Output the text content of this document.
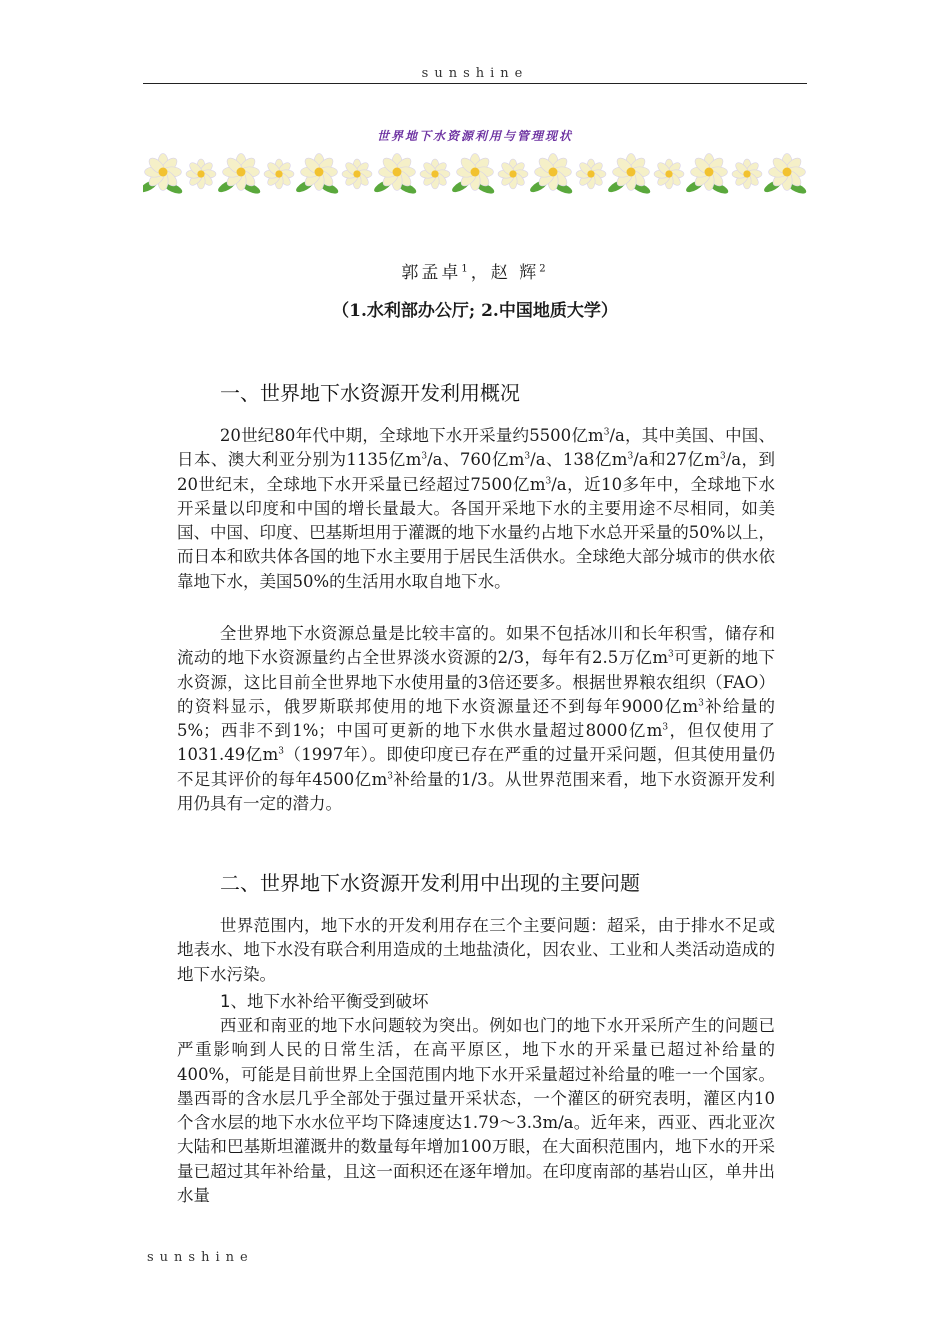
sunshine
世界地下水资源利用与管理现状
郭孟卓$^1$，赵 辉$^2$
（1.水利部办公厅; 2.中国地质大学）
一、世界地下水资源开发利用概况

20世纪80年代中期，全球地下水开采量约5500亿$m^3/a$，其中美国、中国、日本、澳大利亚分别为1135亿$m^3/a$、760亿$m^3/a$、138亿$m^3/a$和27亿$m^3/a$，到20世纪末，全球地下水开采量已经超过7500亿$m^3/a$，近10多年中，全球地下水开采量以印度和中国的增长量最大。各国开采地下水的主要用途不尽相同，如美国、中国、印度、巴基斯坦用于灌溉的地下水量约占地下水总开采量的50%以上，而日本和欧共体各国的地下水主要用于居民生活供水。全球绝大部分城市的供水依靠地下水，美国50%的生活用水取自地下水。

全世界地下水资源总量是比较丰富的。如果不包括冰川和长年积雪，储存和流动的地下水资源量约占全世界淡水资源的2/3，每年有2.5万亿$m^3$可更新的地下水资源，这比目前全世界地下水使用量的3倍还要多。根据世界粮农组织（FAO）的资料显示，俄罗斯联邦使用的地下水资源量还不到每年9000亿$m^3$补给量的5%；西非不到1%；中国可更新的地下水供水量超过8000亿$m^3$，但仅使用了1031.49亿$m^3(1997$年）。即使印度已存在严重的过量开采问题，但其使用量仍不足其评价的每年4500亿$m^3$补给量的1/3。从世界范围来看，地下水资源开发利用仍具有一定的潜力。

二、世界地下水资源开发利用中出现的主要问题

世界范围内，地下水的开发利用存在三个主要问题：超采，由于排水不足或地表水、地下水没有联合利用造成的土地盐渍化，因农业、工业和人类活动造成的地下水污染。

1、地下水补给平衡受到破坏

西亚和南亚的地下水问题较为突出。例如也门的地下水开采所产生的问题已严重影响到人民的日常生活，在高平原区，地下水的开采量已超过补给量的400%，可能是目前世界上全国范围内地下水开采量超过补给量的唯一一个国家。墨西哥的含水层几乎全部处于强过量开采状态，一个灌区的研究表明，灌区内10个含水层的地下水水位平均下降速度达1.79～3.3m/a。近年来，西亚、西北亚次大陆和巴基斯坦灌溉井的数量每年增加100万眼，在大面积范围内，地下水的开采量已超过其年补给量，且这一面积还在逐年增加。在印度南部的基岩山区，单井出水量

sunshine
